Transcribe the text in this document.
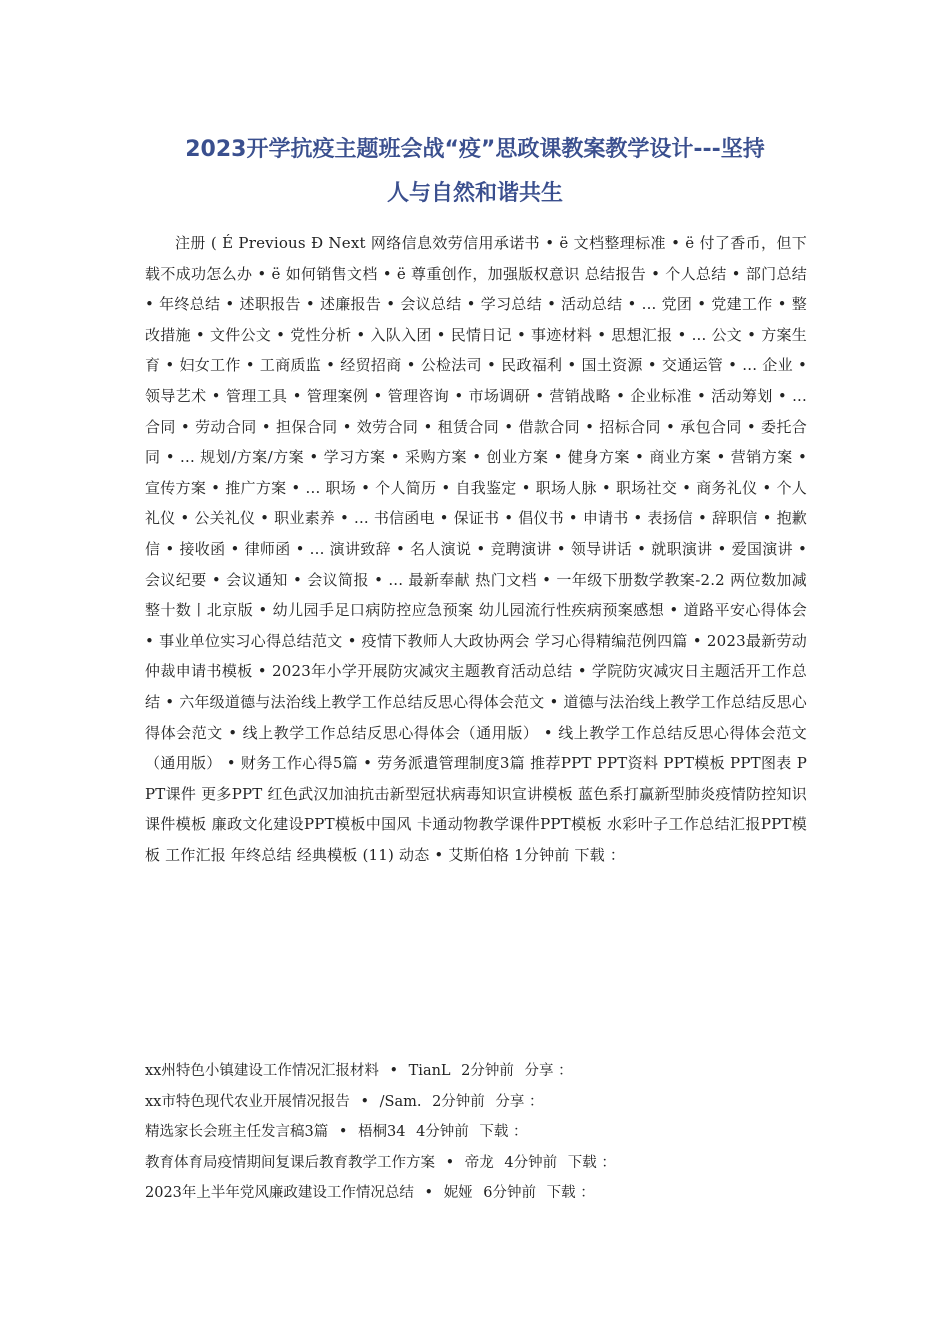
2023开学抗疫主题班会战“疫”思政课教案教学设计---坚持
人与自然和谐共生

注册 ( É Previous Ð Next 网络信息效劳信用承诺书 • ë 文档整理标准 • ë 付了香币，但下载不成功怎么办 • ë 如何销售文档 • ë 尊重创作，加强版权意识 总结报告 • 个人总结 • 部门总结 • 年终总结 • 述职报告 • 述廉报告 • 会议总结 • 学习总结 • 活动总结 • ... 党团 • 党建工作 • 整改措施 • 文件公文 • 党性分析 • 入队入团 • 民情日记 • 事迹材料 • 思想汇报 • ... 公文 • 方案生育 • 妇女工作 • 工商质监 • 经贸招商 • 公检法司 • 民政福利 • 国土资源 • 交通运管 • ... 企业 • 领导艺术 • 管理工具 • 管理案例 • 管理咨询 • 市场调研 • 营销战略 • 企业标准 • 活动筹划 • ... 合同 • 劳动合同 • 担保合同 • 效劳合同 • 租赁合同 • 借款合同 • 招标合同 • 承包合同 • 委托合同 • ... 规划/方案/方案 • 学习方案 • 采购方案 • 创业方案 • 健身方案 • 商业方案 • 营销方案 • 宣传方案 • 推广方案 • ... 职场 • 个人简历 • 自我鉴定 • 职场人脉 • 职场社交 • 商务礼仪 • 个人礼仪 • 公关礼仪 • 职业素养 • ... 书信函电 • 保证书 • 倡仪书 • 申请书 • 表扬信 • 辞职信 • 抱歉信 • 接收函 • 律师函 • ... 演讲致辞 • 名人演说 • 竞聘演讲 • 领导讲话 • 就职演讲 • 爱国演讲 • 会议纪要 • 会议通知 • 会议简报 • ... 最新奉献 热门文档 • 一年级下册数学教案-2.2 两位数加减整十数丨北京版 • 幼儿园手足口病防控应急预案 幼儿园流行性疾病预案感想 • 道路平安心得体会 • 事业单位实习心得总结范文 • 疫情下教师人大政协两会 学习心得精编范例四篇 • 2023最新劳动仲裁申请书模板 • 2023年小学开展防灾减灾主题教育活动总结 • 学院防灾减灾日主题活开工作总结 • 六年级道德与法治线上教学工作总结反思心得体会范文 • 道德与法治线上教学工作总结反思心得体会范文 • 线上教学工作总结反思心得体会（通用版） • 线上教学工作总结反思心得体会范文（通用版） • 财务工作心得5篇 • 劳务派遣管理制度3篇 推荐PPT PPT资料 PPT模板 PPT图表 PPT课件 更多PPT 红色武汉加油抗击新型冠状病毒知识宣讲模板 蓝色系打赢新型肺炎疫情防控知识课件模板 廉政文化建设PPT模板中国风 卡通动物教学课件PPT模板 水彩叶子工作总结汇报PPT模板 工作汇报 年终总结 经典模板 (11) 动态 • 艾斯伯格 1分钟前 下载 ：

xx州特色小镇建设工作情况汇报材料 • TianL 2分钟前 分享 ：
xx市特色现代农业开展情况报告 • /Sam. 2分钟前 分享 ：
精选家长会班主任发言稿3篇 • 梧桐34 4分钟前 下载 ：
教育体育局疫情期间复课后教育教学工作方案 • 帝龙 4分钟前 下载 ：
2023年上半年党风廉政建设工作情况总结 • 妮娅 6分钟前 下载 ：
